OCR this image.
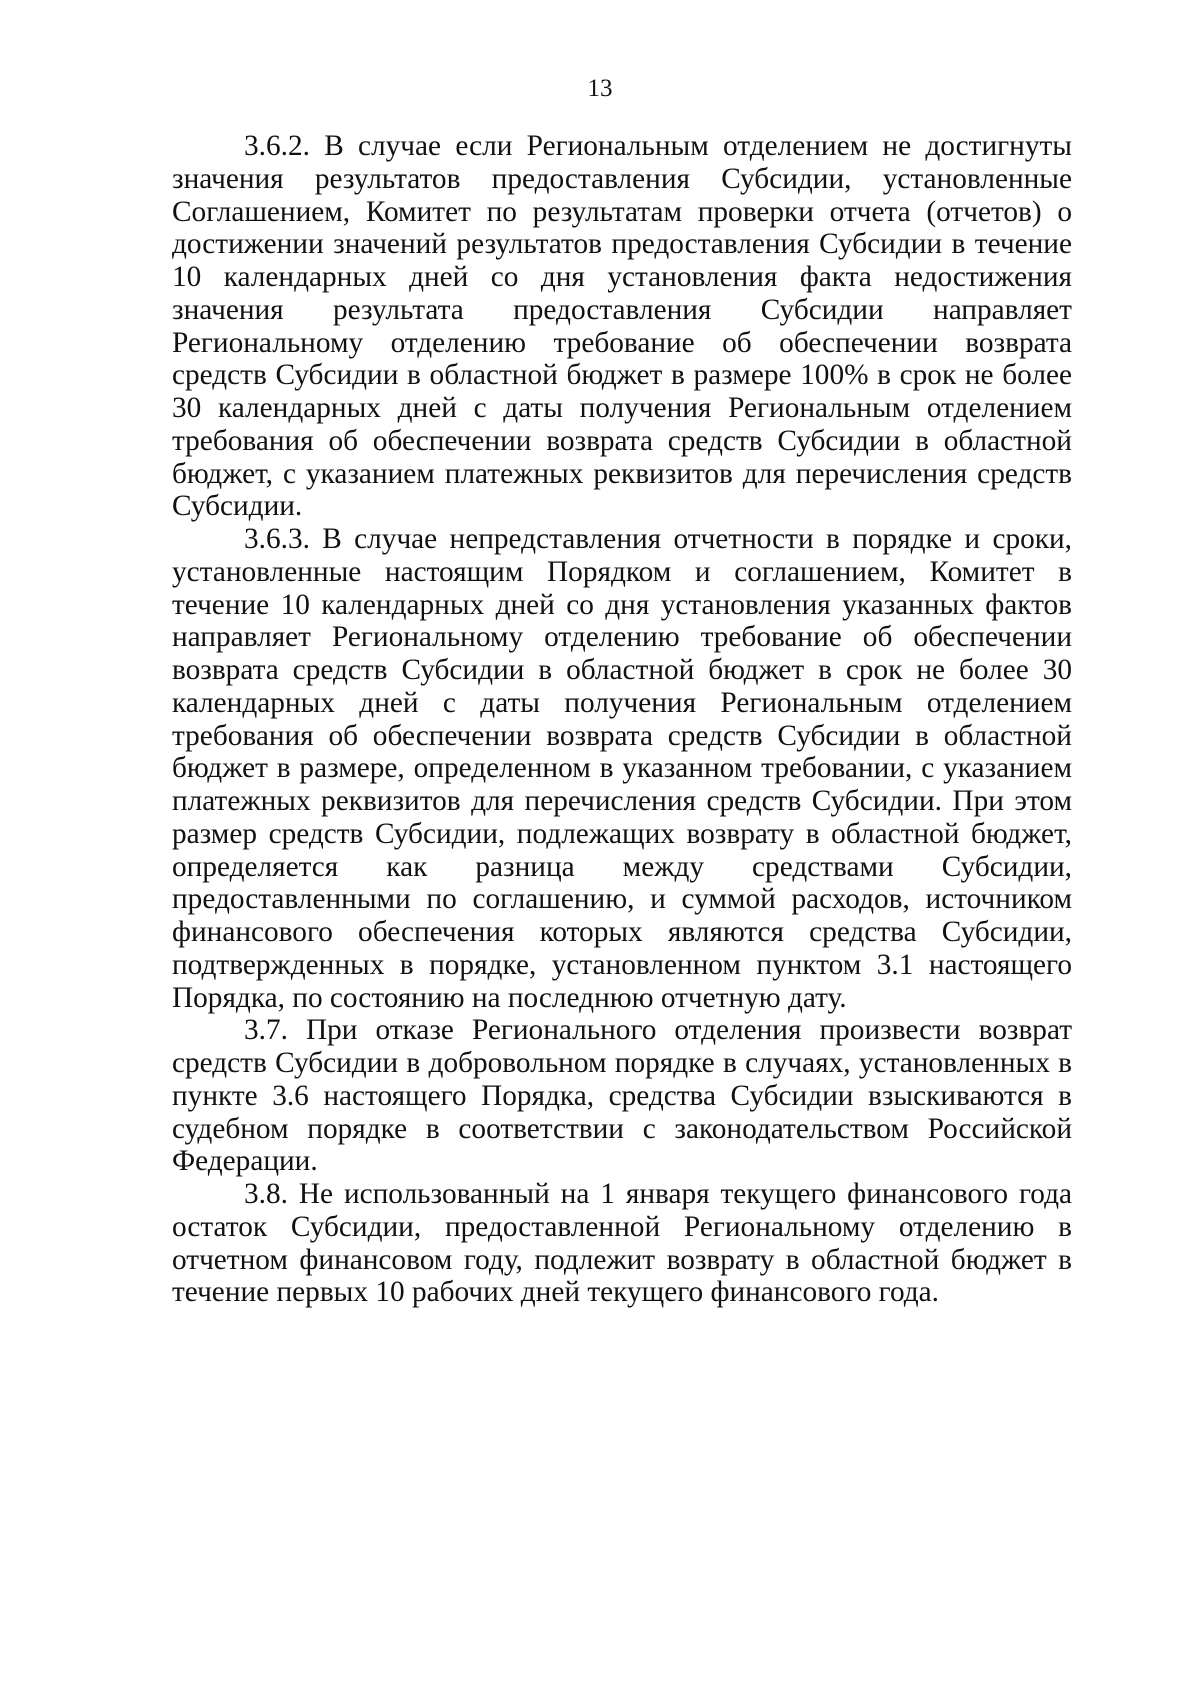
13

3.6.2. В случае если Региональным отделением не достигнуты значения результатов предоставления Субсидии, установленные Соглашением, Комитет по результатам проверки отчета (отчетов) о достижении значений результатов предоставления Субсидии в течение 10 календарных дней со дня установления факта недостижения значения результата предоставления Субсидии направляет Региональному отделению требование об обеспечении возврата средств Субсидии в областной бюджет в размере 100% в срок не более 30 календарных дней с даты получения Региональным отделением требования об обеспечении возврата средств Субсидии в областной бюджет, с указанием платежных реквизитов для перечисления средств Субсидии.

3.6.3. В случае непредставления отчетности в порядке и сроки, установленные настоящим Порядком и соглашением, Комитет в течение 10 календарных дней со дня установления указанных фактов направляет Региональному отделению требование об обеспечении возврата средств Субсидии в областной бюджет в срок не более 30 календарных дней с даты получения Региональным отделением требования об обеспечении возврата средств Субсидии в областной бюджет в размере, определенном в указанном требовании, с указанием платежных реквизитов для перечисления средств Субсидии. При этом размер средств Субсидии, подлежащих возврату в областной бюджет, определяется как разница между средствами Субсидии, предоставленными по соглашению, и суммой расходов, источником финансового обеспечения которых являются средства Субсидии, подтвержденных в порядке, установленном пунктом 3.1 настоящего Порядка, по состоянию на последнюю отчетную дату.

3.7. При отказе Регионального отделения произвести возврат средств Субсидии в добровольном порядке в случаях, установленных в пункте 3.6 настоящего Порядка, средства Субсидии взыскиваются в судебном порядке в соответствии с законодательством Российской Федерации.

3.8. Не использованный на 1 января текущего финансового года остаток Субсидии, предоставленной Региональному отделению в отчетном финансовом году, подлежит возврату в областной бюджет в течение первых 10 рабочих дней текущего финансового года.
